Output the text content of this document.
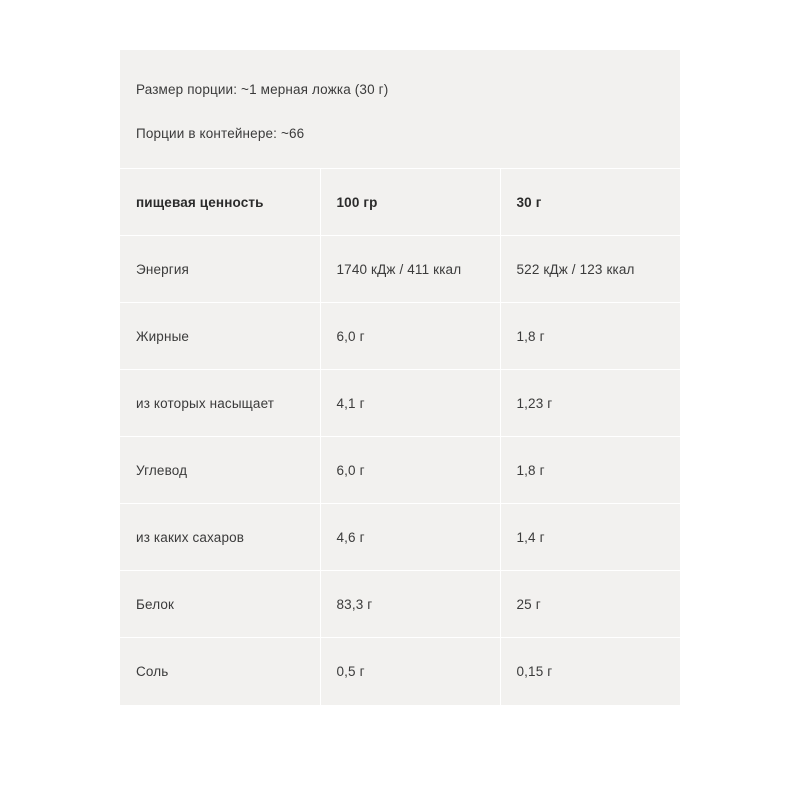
Размер порции: ~1 мерная ложка (30 г)
Порции в контейнере: ~66
пищевая ценность	100 гр	30 г
Энергия	1740 кДж / 411 ккал	522 кДж / 123 ккал
Жирные	6,0 г	1,8 г
из которых насыщает	4,1 г	1,23 г
Углевод	6,0 г	1,8 г
из каких сахаров	4,6 г	1,4 г
Белок	83,3 г	25 г
Соль	0,5 г	0,15 г
